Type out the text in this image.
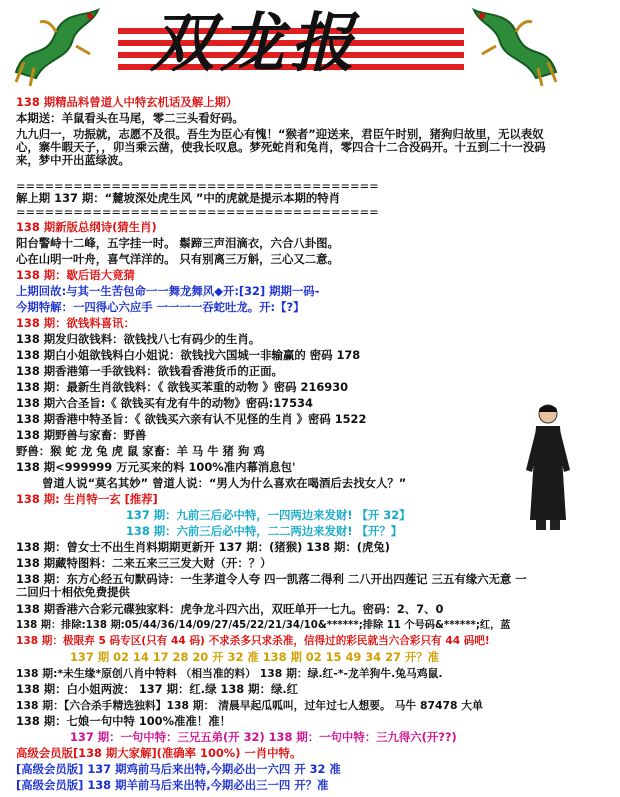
双龙报
138 期精品料曾道人中特玄机话及解上期）
本期送：羊鼠看头在马尾，零二三头看好码。
九九归一，功振就，志愿不及很。吾生为臣心有愧！“猴者”迎送来，君臣午时别，猪狗归故里，无以表奴心，寨牛暇天子，，卯当乘云凿，使我长叹息。梦死蛇肖和兔肖，零四合十二合没码开。十五到二十一没码来，梦中开出蓝绿波。
======================================
解上期 137 期：“麓坡深处虎生风 ”中的虎就是提示本期的特肖
======================================
138 期新版总纲诗(猜生肖)
阳台警峙十二峰，五字挂一时。 鬃蹄三声泪滴衣，六合八卦图。
心在山明一叶舟，喜气洋洋的。 只有别离三万斛，三心又二意。
138 期：歇后语大竟猜
上期回故:与其一生苦包命一一舞龙舞风◆开:[32] 期期一码-
今期特解：一四得心六应手 一一一一吞蛇吐龙。开:【?】
138 期：欲钱料喜讯：
138 期发归欲钱料：欲钱找八七有码少的生肖。
138 期白小姐欲钱料白小姐说：欲钱找六国城一非输赢的 密码 178
138 期香港第一手欲钱料：欲钱看香港货币的正面。
138 期：最新生肖欲钱料：《 欲钱买苯重的动物 》密码 216930
138 期六合圣旨:《 欲钱买有龙有牛的动物》密码:17534
138 期香港中特圣旨：《 欲钱买六亲有认不见怪的生肖 》密码 1522
138 期野兽与家畜：野兽
野兽：猴 蛇 龙 兔 虎 鼠 家畜：羊 马 牛 猪 狗 鸡
138 期<999999 万元买来的料 100%准内幕消息包'
曾道人说“莫名其妙” 曾道人说：“男人为什么喜欢在喝酒后去找女人？”
138 期: 生肖特一玄 [推荐]
137 期：九前三后必中特，一四两边来发财! 【开 32】
138 期：六前三后必中特，二二两边来发财! 【开？】
138 期：曾女士不出生肖料期期更新开 137 期：(猪猴) 138 期：(虎兔)
138 期藏特图料：二来五来三三发大财（开：？）
138 期：东方心经五句默码诗：一生茅道令人夸 四一凯落二得利 二八开出四莲记 三五有缘六无意 一二回归十相依免费提供
138 期香港六合彩元碟独家料：虎争龙斗四六出，双旺单开一七九。密码：2、7、0
138 期：排除:138 期:05/44/36/14/09/27/45/22/21/34/10&******;排除 11 个号码&******;红，蓝
138 期：极限弃 5 码专区(只有 44 码) 不求杀多只求杀准，信得过的彩民就当六合彩只有 44 码吧!
137 期 02 14 17 28 20 开 32 准 138 期 02 15 49 34 27 开？准
138 期:*未生缘*原创八肖中特料 （相当准的料） 138 期：绿.红-*-龙羊狗牛.兔马鸡鼠.
138 期：白小姐两波： 137 期：红.绿 138 期：绿.红
138 期：【六合杀手精选独料】138 期： 清晨早起瓜呱叫，过年过七人想要。 马牛 87478 大单
138 期：七娘一句中特 100%准准！准！
137 期：一句中特：三兄五弟(开 32) 138 期：一句中特：三九得六(开??)
高级会员版[138 期大家解](准确率 100%) 一肖中特。
[高级会员版] 137 期鸡前马后来出特,今期必出一六四 开 32 准
[高级会员版] 138 期羊前马后来出特,今期必出三一四 开？准
